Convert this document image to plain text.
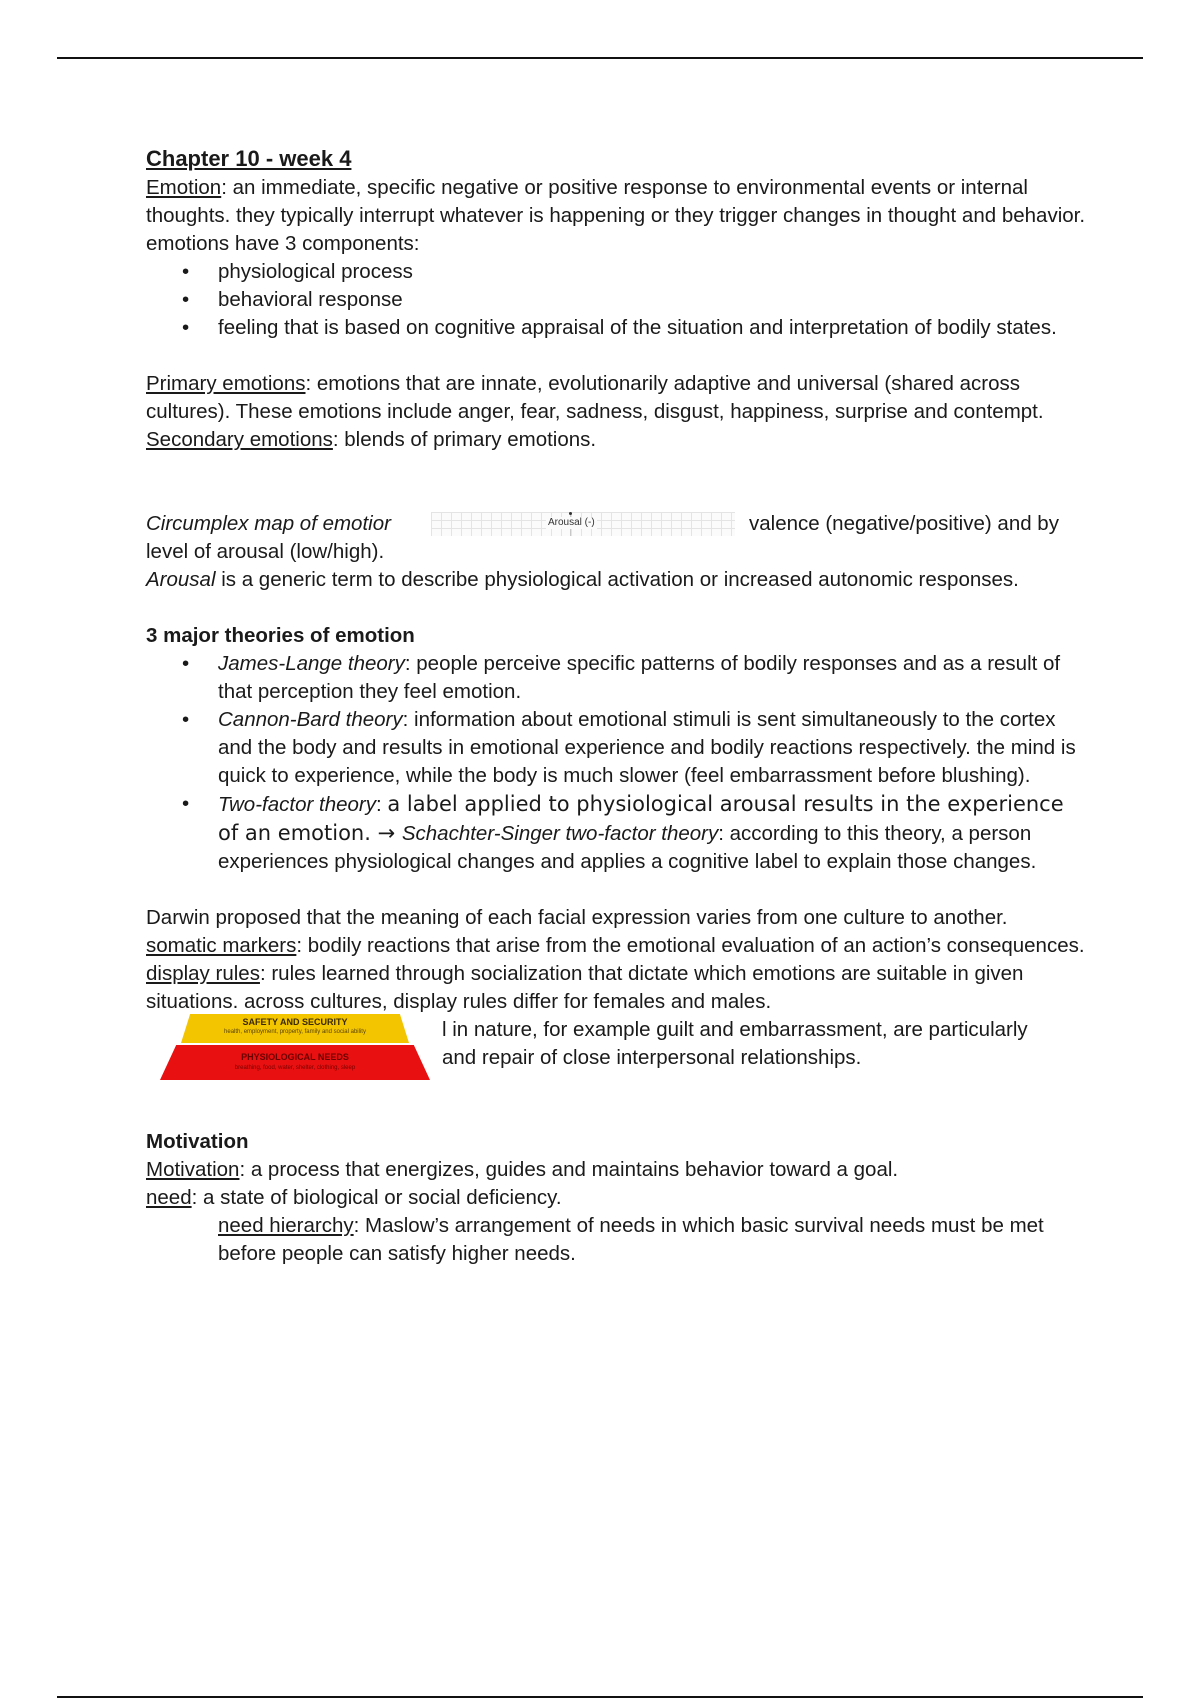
Chapter 10 - week 4

Emotion: an immediate, specific negative or positive response to environmental events or internal thoughts. they typically interrupt whatever is happening or they trigger changes in thought and behavior. emotions have 3 components:

• physiological process
• behavioral response
• feeling that is based on cognitive appraisal of the situation and interpretation of bodily states.

Primary emotions: emotions that are innate, evolutionarily adaptive and universal (shared across cultures). These emotions include anger, fear, sadness, disgust, happiness, surprise and contempt.

Secondary emotions: blends of primary emotions.

Circumplex map of emotior	Arousal (-)	valence (negative/positive) and by

level of arousal (low/high).

Arousal is a generic term to describe physiological activation or increased autonomic responses.

3 major theories of emotion

• James-Lange theory: people perceive specific patterns of bodily responses and as a result of that perception they feel emotion.
• Cannon-Bard theory: information about emotional stimuli is sent simultaneously to the cortex and the body and results in emotional experience and bodily reactions respectively. the mind is quick to experience, while the body is much slower (feel embarrassment before blushing).
• Two-factor theory: a label applied to physiological arousal results in the experience of an emotion. → Schachter-Singer two-factor theory: according to this theory, a person experiences physiological changes and applies a cognitive label to explain those changes.

Darwin proposed that the meaning of each facial expression varies from one culture to another.

somatic markers: bodily reactions that arise from the emotional evaluation of an action’s consequences.

display rules: rules learned through socialization that dictate which emotions are suitable in given situations. across cultures, display rules differ for females and males.

SAFETY AND SECURITY
health, employment, property, family and social ability
PHYSIOLOGICAL NEEDS
breathing, food, water, shelter, clothing, sleep
l in nature, for example guilt and embarrassment, are particularly
and repair of close interpersonal relationships.

Motivation

Motivation: a process that energizes, guides and maintains behavior toward a goal.

need: a state of biological or social deficiency.

need hierarchy: Maslow’s arrangement of needs in which basic survival needs must be met before people can satisfy higher needs.
